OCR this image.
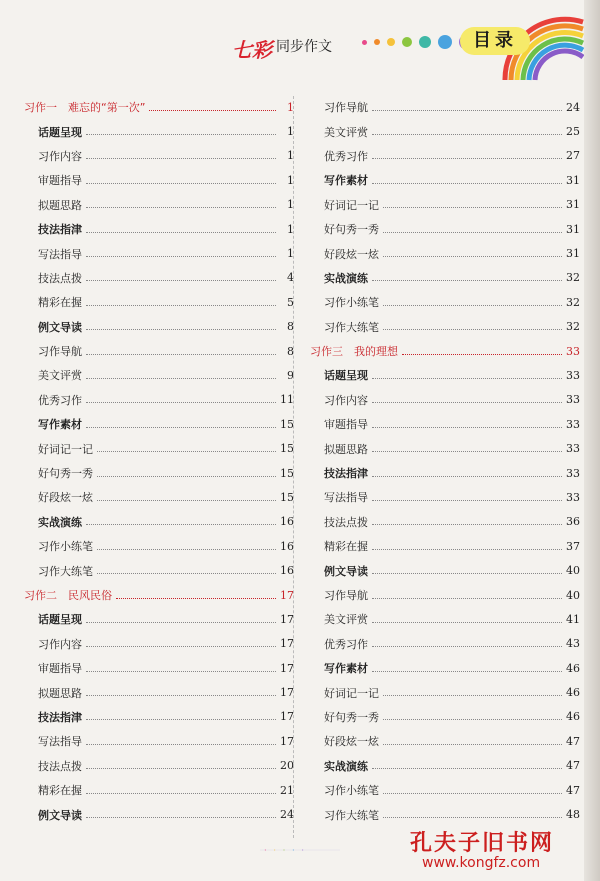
七彩 同步作文	目录
习作一　难忘的“第一次”	1
话题呈现	1
习作内容	1
审题指导	1
拟题思路	1
技法指津	1
写法指导	1
技法点拨	4
精彩在握	5
例文导读	8
习作导航	8
美文评赏	9
优秀习作	11
写作素材	15
好词记一记	15
好句秀一秀	15
好段炫一炫	15
实战演练	16
习作小练笔	16
习作大练笔	16
习作二　民风民俗	17
话题呈现	17
习作内容	17
审题指导	17
拟题思路	17
技法指津	17
写法指导	17
技法点拨	20
精彩在握	21
例文导读	24
习作导航	24
美文评赏	25
优秀习作	27
写作素材	31
好词记一记	31
好句秀一秀	31
好段炫一炫	31
实战演练	32
习作小练笔	32
习作大练笔	32
习作三　我的理想	33
话题呈现	33
习作内容	33
审题指导	33
拟题思路	33
技法指津	33
写法指导	33
技法点拨	36
精彩在握	37
例文导读	40
习作导航	40
美文评赏	41
优秀习作	43
写作素材	46
好词记一记	46
好句秀一秀	46
好段炫一炫	47
实战演练	47
习作小练笔	47
习作大练笔	48
孔夫子旧书网
www.kongfz.com
